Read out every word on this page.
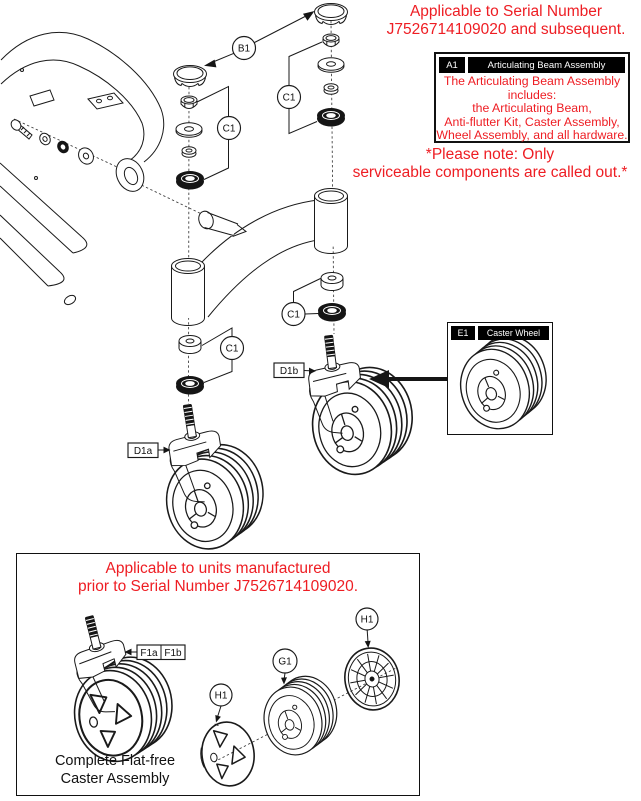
B1
C1
C1
C1
C1
D1a
D1b
F1a F1b
G1
H1
H1
Applicable to Serial Number
J7526714109020 and subsequent.
A1	Articulating Beam Assembly
The Articulating Beam Assembly
includes:
the Articulating Beam,
Anti-flutter Kit, Caster Assembly,
Wheel Assembly, and all hardware.
*Please note: Only
serviceable components are called out.*
E1	Caster Wheel
Applicable to units manufactured
prior to Serial Number J7526714109020.
Complete Flat-free
Caster Assembly
